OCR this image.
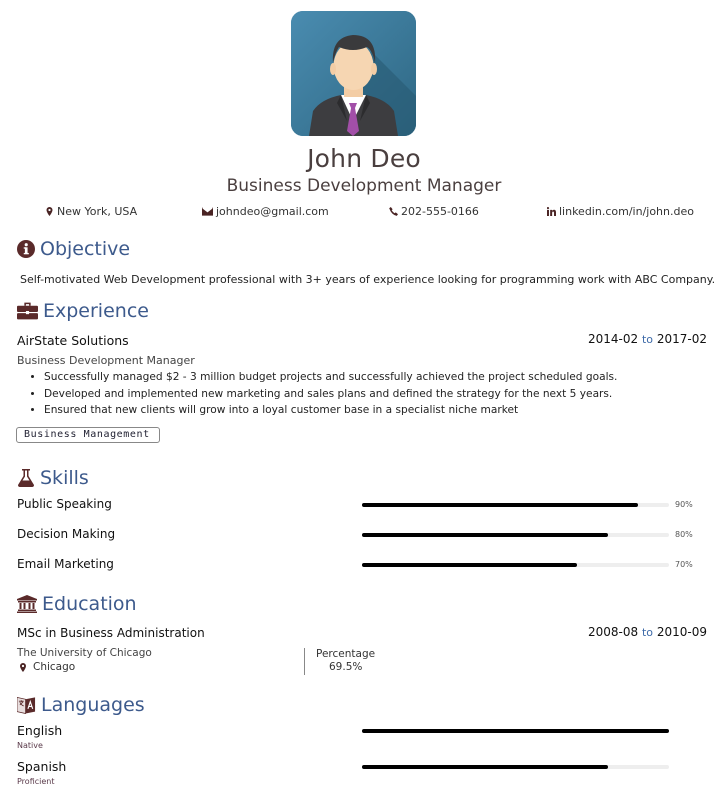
John Deo
Business Development Manager
New York, USA	johndeo@gmail.com	202-555-0166	linkedin.com/in/john.deo
Objective
Self-motivated Web Development professional with 3+ years of experience looking for programming work with ABC Company.
Experience
AirState Solutions	2014-02 to 2017-02
Business Development Manager
• Successfully managed $2 - 3 million budget projects and successfully achieved the project scheduled goals.
• Developed and implemented new marketing and sales plans and defined the strategy for the next 5 years.
• Ensured that new clients will grow into a loyal customer base in a specialist niche market
Business Management
Skills
Public Speaking	90%
Decision Making	80%
Email Marketing	70%
Education
MSc in Business Administration	2008-08 to 2010-09
The University of Chicago
Chicago
Percentage
69.5%
Languages
English
Native
Spanish
Proficient
